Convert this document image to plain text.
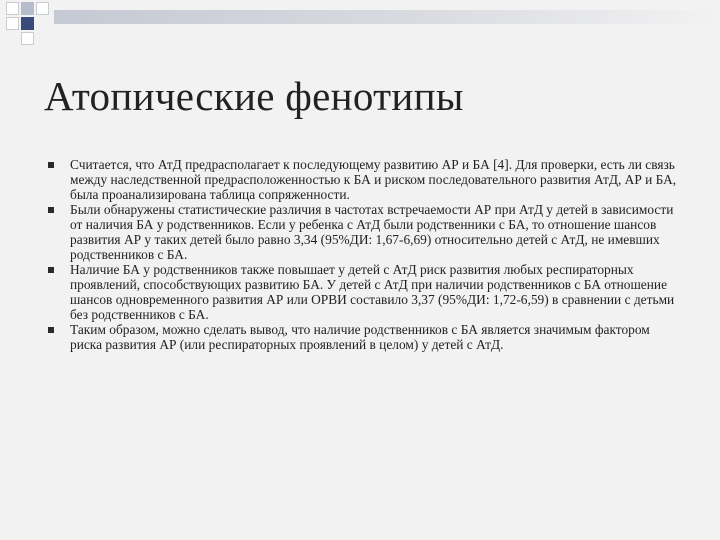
Атопические фенотипы
Считается, что АтД предрасполагает к последующему развитию АР и БА [4]. Для проверки, есть ли связь между наследственной предрасположенностью к БА и риском последовательного развития АтД, АР и БА, была проанализирована таблица сопряженности.
Были обнаружены статистические различия в частотах встречаемости АР при АтД у детей в зависимости от наличия БА у родственников. Если у ребенка с АтД были родственники с БА, то отношение шансов развития АР у таких детей было равно 3,34 (95%ДИ: 1,67-6,69) относительно детей с АтД, не имевших родственников с БА.
Наличие БА у родственников также повышает у детей с АтД риск развития любых респираторных проявлений, способствующих развитию БА. У детей с АтД при наличии родственников с БА отношение шансов одновременного развития АР или ОРВИ составило 3,37 (95%ДИ: 1,72-6,59) в сравнении с детьми без родственников с БА.
Таким образом, можно сделать вывод, что наличие родственников с БА является значимым фактором риска развития АР (или респираторных проявлений в целом) у детей с АтД.
